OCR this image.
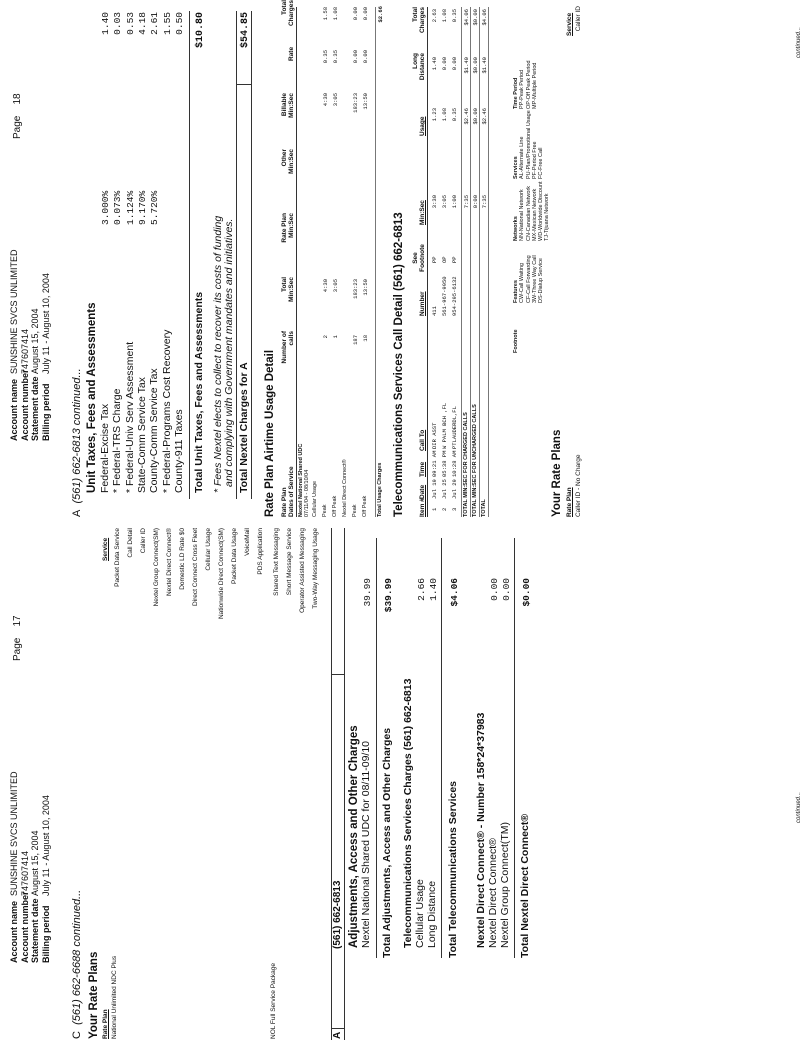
Account name Account number Statement date Billing period
SUNSHINE SVCS UNLIMITED 747607414 August 15, 2004 July 11 - August 10, 2004
Page    17
C  (561) 662-6688 continued... Your Rate Plans Rate Plan
Service
National Unlimited NDC Plus
Packet Data Service Call Detail Caller ID Nextel Group Connect(SM) Nextel Direct Connect® Domestic LD Rate $0 Direct Connect Cross Fleet Cellular Usage Nationwide Direct Connect(SM) Packet Data Usage VoiceMail PDS Application
NOL Full Service Package
Shared Text Messaging Short Message Service Operator Assisted Messaging Two-Way Messaging Usage
A
(561) 662-6813 Adjustments, Access and Other Charges Nextel National Shared UDC for 08/11-09/10
39.99
Total Adjustments, Access and Other Charges
$39.99
Telecommunications Services Charges (561) 662-6813 Cellular Usage
2.66
Long Distance
1.40
Total Telecommunications Services
$4.06
Nextel Direct Connect® - Number 158*24*37983 Nextel Direct Connect®
0.00
Nextel Group Connect(TM)
0.00
Total Nextel Direct Connect®
$0.00
continued...
Account name Account number Statement date Billing period
SUNSHINE SVCS UNLIMITED 747607414 August 15, 2004 July 11 - August 10, 2004
Page    18
A  (561) 662-6813 continued... Unit Taxes, Fees and Assessments Federal-Excise Tax
3.000%
1.40
* Federal-TRS Charge
0.073%
0.03
* Federal-Univ Serv Assessment
1.124%
0.53
State-Comm Service Tax
9.170%
4.18
County-Comm Service Tax
5.720%
2.61
* Federal-Programs Cost Recovery
1.55
County-911 Taxes
0.50
Total Unit Taxes, Fees and Assessments
$10.80
* Fees Nextel elects to collect to recover its costs of funding and complying with Government mandates and initiatives. Total Nextel Charges for A
$54.85
Rate Plan Airtime Usage Detail Rate Plan Dates of Service
Number of calls
Total Min:Sec
Rate Plan Min:Sec
Other Min:Sec
Billable Min:Sec
Total Charges
Rate
Nextel National Shared UDC 07/11/04 - 08/10/04 Cellular Usage Peak
2
4:30
4:30
0.35
1.58
Off Peak
1
3:05
3:05
0.35
1.08
Nextel Direct Connect® Peak
187
183:23
183:23
0.00
0.00
Off Peak
18
13:50
13:50
0.00
0.00
Total Usage Charges
$2.66
Telecommunications Services Call Detail (561) 662-6813 Item #
Date
Time
Call To
Number
See Footnote
Min:Sec
Usage
Long Distance
Total Charges
1
Jul 19
09:21 AM
DIR ASST
411
PP
3:30
1.23
1.40
2.63
2
Jul 25
05:38 PM
W PALM BCH ,FL
561-967-9950
OP
3:05
1.08
0.00
1.08
3
Jul 29
10:28 AM
PTLAUDERDL,FL
954-295-6132
PP
1:00
0.35
0.00
0.35
TOTAL MIN:SEC FOR CHARGED CALLS
7:35
$2.46
$1.40
$4.06
TOTAL MIN:SEC FOR UNCHARGED CALLS
0:00
$0.00
$0.00
$0.00
TOTAL
7:35
$2.46
$1.40
$4.06
Footnote
Features CW-Call Waiting CF-Call Forwarding 3W-Three Way Call DS-Dialup Service
Networks NN-National Network CN-Canadian Network MX-Mexican Network WD-Worldwide Discount TJ-Tijuana Network
Services AL-Alternate Line PU-Plan/Promotional Usage PF-Period Free FC-Free Call
Time Period PP-Peak Period OP-Off Peak Period MP-Multiple Period
Your Rate Plans Rate Plan
Service
Caller ID - No Charge
Caller ID
continued...
